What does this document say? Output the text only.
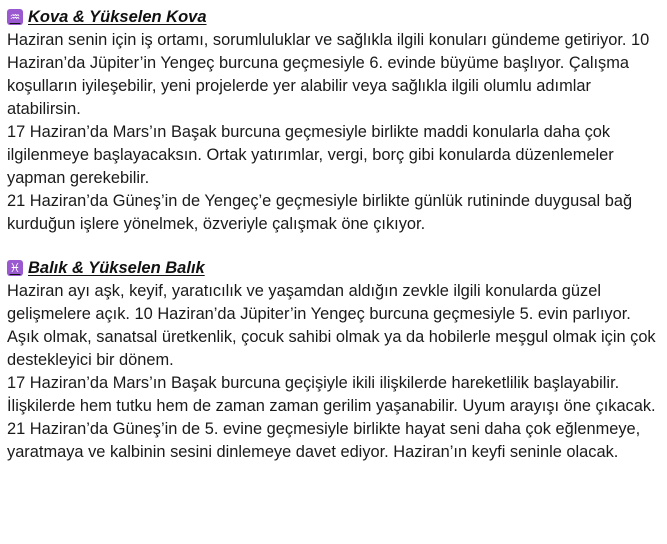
♒ Kova & Yükselen Kova

Haziran senin için iş ortamı, sorumluluklar ve sağlıkla ilgili konuları gündeme getiriyor. 10 Haziran’da Jüpiter’in Yengeç burcuna geçmesiyle 6. evinde büyüme başlıyor. Çalışma koşulların iyileşebilir, yeni projelerde yer alabilir veya sağlıkla ilgili olumlu adımlar atabilirsin.

17 Haziran’da Mars’ın Başak burcuna geçmesiyle birlikte maddi konularla daha çok ilgilenmeye başlayacaksın. Ortak yatırımlar, vergi, borç gibi konularda düzenlemeler yapman gerekebilir.

21 Haziran’da Güneş’in de Yengeç’e geçmesiyle birlikte günlük rutininde duygusal bağ kurduğun işlere yönelmek, özveriyle çalışmak öne çıkıyor.

♓ Balık & Yükselen Balık

Haziran ayı aşk, keyif, yaratıcılık ve yaşamdan aldığın zevkle ilgili konularda güzel gelişmelere açık. 10 Haziran’da Jüpiter’in Yengeç burcuna geçmesiyle 5. evin parlıyor. Aşık olmak, sanatsal üretkenlik, çocuk sahibi olmak ya da hobilerle meşgul olmak için çok destekleyici bir dönem.

17 Haziran’da Mars’ın Başak burcuna geçişiyle ikili ilişkilerde hareketlilik başlayabilir. İlişkilerde hem tutku hem de zaman zaman gerilim yaşanabilir. Uyum arayışı öne çıkacak.

21 Haziran’da Güneş’in de 5. evine geçmesiyle birlikte hayat seni daha çok eğlenmeye, yaratmaya ve kalbinin sesini dinlemeye davet ediyor. Haziran’ın keyfi seninle olacak.
